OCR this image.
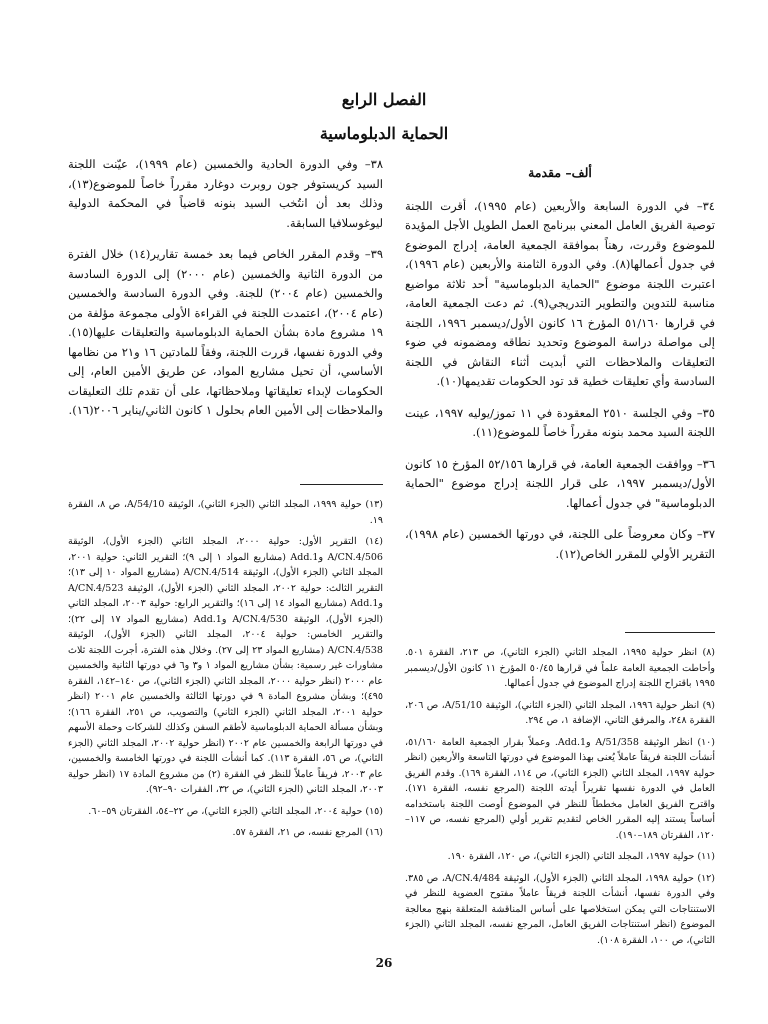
الفصل الرابع
الحماية الدبلوماسية
ألف– مقدمة

٣٤– في الدورة السابعة والأربعين (عام ١٩٩٥)، أقرت اللجنة توصية الفريق العامل المعني ببرنامج العمل الطويل الأجل المؤيدة للموضوع وقررت، رهناً بموافقة الجمعية العامة، إدراج الموضوع في جدول أعمالها(٨). وفي الدورة الثامنة والأربعين (عام ١٩٩٦)، اعتبرت اللجنة موضوع "الحماية الدبلوماسية" أحد ثلاثة مواضيع مناسبة للتدوين والتطوير التدريجي(٩). ثم دعت الجمعية العامة، في قرارها ٥١/١٦٠ المؤرخ ١٦ كانون الأول/ديسمبر ١٩٩٦، اللجنة إلى مواصلة دراسة الموضوع وتحديد نطاقه ومضمونه في ضوء التعليقات والملاحظات التي أبديت أثناء النقاش في اللجنة السادسة وأي تعليقات خطية قد تود الحكومات تقديمها(١٠).

٣٥– وفي الجلسة ٢٥١٠ المعقودة في ١١ تموز/يوليه ١٩٩٧، عينت اللجنة السيد محمد بنونه مقرراً خاصاً للموضوع(١١).

٣٦– ووافقت الجمعية العامة، في قرارها ٥٢/١٥٦ المؤرخ ١٥ كانون الأول/ديسمبر ١٩٩٧، على قرار اللجنة إدراج موضوع "الحماية الدبلوماسية" في جدول أعمالها.

٣٧– وكان معروضاً على اللجنة، في دورتها الخمسين (عام ١٩٩٨)، التقرير الأولي للمقرر الخاص(١٢).

٣٨– وفي الدورة الحادية والخمسين (عام ١٩٩٩)، عيّنت اللجنة السيد كريستوفر جون روبرت دوغارد مقرراً خاصاً للموضوع(١٣)، وذلك بعد أن انتُخب السيد بنونه قاضياً في المحكمة الدولية ليوغوسلافيا السابقة.

٣٩– وقدم المقرر الخاص فيما بعد خمسة تقارير(١٤) خلال الفترة من الدورة الثانية والخمسين (عام ٢٠٠٠) إلى الدورة السادسة والخمسين (عام ٢٠٠٤) للجنة. وفي الدورة السادسة والخمسين (عام ٢٠٠٤)، اعتمدت اللجنة في القراءة الأولى مجموعة مؤلفة من ١٩ مشروع مادة بشأن الحماية الدبلوماسية والتعليقات عليها(١٥). وفي الدورة نفسها، قررت اللجنة، وفقاً للمادتين ١٦ و٢١ من نظامها الأساسي، أن تحيل مشاريع المواد، عن طريق الأمين العام، إلى الحكومات لإبداء تعليقاتها وملاحظاتها، على أن تقدم تلك التعليقات والملاحظات إلى الأمين العام بحلول ١ كانون الثاني/يناير ٢٠٠٦(١٦).

(٨) انظر حولية ١٩٩٥، المجلد الثاني (الجزء الثاني)، ص ٢١٣، الفقرة ٥٠١. وأحاطت الجمعية العامة علماً في قرارها ٥٠/٤٥ المؤرخ ١١ كانون الأول/ديسمبر ١٩٩٥ باقتراح اللجنة إدراج الموضوع في جدول أعمالها.

(٩) انظر حولية ١٩٩٦، المجلد الثاني (الجزء الثاني)، الوثيقة A/51/10، ص ٢٠٦، الفقرة ٢٤٨، والمرفق الثاني، الإضافة ١، ص ٢٩٤.

(١٠) انظر الوثيقة A/51/358 وAdd.1. وعملاً بقرار الجمعية العامة ٥١/١٦٠، أنشأت اللجنة فريقاً عاملاً يُعنى بهذا الموضوع في دورتها التاسعة والأربعين (انظر حولية ١٩٩٧، المجلد الثاني (الجزء الثاني)، ص ١١٤، الفقرة ١٦٩). وقدم الفريق العامل في الدورة نفسها تقريراً أيدته اللجنة (المرجع نفسه، الفقرة ١٧١). واقترح الفريق العامل مخططاً للنظر في الموضوع أوصت اللجنة باستخدامه أساساً يستند إليه المقرر الخاص لتقديم تقرير أولي (المرجع نفسه، ص ١١٧–١٢٠، الفقرتان ١٨٩–١٩٠).

(١١) حولية ١٩٩٧، المجلد الثاني (الجزء الثاني)، ص ١٢٠، الفقرة ١٩٠.

(١٢) حولية ١٩٩٨، المجلد الثاني (الجزء الأول)، الوثيقة A/CN.4/484، ص ٣٨٥. وفي الدورة نفسها، أنشأت اللجنة فريقاً عاملاً مفتوح العضوية للنظر في الاستنتاجات التي يمكن استخلاصها على أساس المناقشة المتعلقة بنهج معالجة الموضوع (انظر استنتاجات الفريق العامل، المرجع نفسه، المجلد الثاني (الجزء الثاني)، ص ١٠٠، الفقرة ١٠٨).

(١٣) حولية ١٩٩٩، المجلد الثاني (الجزء الثاني)، الوثيقة A/54/10، ص ٨، الفقرة ١٩.

(١٤) التقرير الأول: حولية ٢٠٠٠، المجلد الثاني (الجزء الأول)، الوثيقة A/CN.4/506 وAdd.1 (مشاريع المواد ١ إلى ٩)؛ التقرير الثاني: حولية ٢٠٠١، المجلد الثاني (الجزء الأول)، الوثيقة A/CN.4/514 (مشاريع المواد ١٠ إلى ١٣)؛ التقرير الثالث: حولية ٢٠٠٢، المجلد الثاني (الجزء الأول)، الوثيقة A/CN.4/523 وAdd.1 (مشاريع المواد ١٤ إلى ١٦)؛ والتقرير الرابع: حولية ٢٠٠٣، المجلد الثاني (الجزء الأول)، الوثيقة A/CN.4/530 وAdd.1 (مشاريع المواد ١٧ إلى ٢٢)؛ والتقرير الخامس: حولية ٢٠٠٤، المجلد الثاني (الجزء الأول)، الوثيقة A/CN.4/538 (مشاريع المواد ٢٣ إلى ٢٧). وخلال هذه الفترة، أجرت اللجنة ثلاث مشاورات غير رسمية: بشأن مشاريع المواد ١ و٣ و٦ في دورتها الثانية والخمسين عام ٢٠٠٠ (انظر حولية ٢٠٠٠، المجلد الثاني (الجزء الثاني)، ص ١٤٠–١٤٢، الفقرة ٤٩٥)؛ وبشأن مشروع المادة ٩ في دورتها الثالثة والخمسين عام ٢٠٠١ (انظر حولية ٢٠٠١، المجلد الثاني (الجزء الثاني) والتصويب، ص ٢٥١، الفقرة ١٦٦)؛ وبشأن مسألة الحماية الدبلوماسية لأطقم السفن وكذلك للشركات وحملة الأسهم في دورتها الرابعة والخمسين عام ٢٠٠٢ (انظر حولية ٢٠٠٢، المجلد الثاني (الجزء الثاني)، ص ٥٦، الفقرة ١١٣). كما أنشأت اللجنة في دورتها الخامسة والخمسين، عام ٢٠٠٣، فريقاً عاملاً للنظر في الفقرة (٢) من مشروع المادة ١٧ (انظر حولية ٢٠٠٣، المجلد الثاني (الجزء الثاني)، ص ٣٢، الفقرات ٩٠–٩٢).

(١٥) حولية ٢٠٠٤، المجلد الثاني (الجزء الثاني)، ص ٢٢–٥٤، الفقرتان ٥٩–٦٠.

(١٦) المرجع نفسه، ص ٢١، الفقرة ٥٧.

26
